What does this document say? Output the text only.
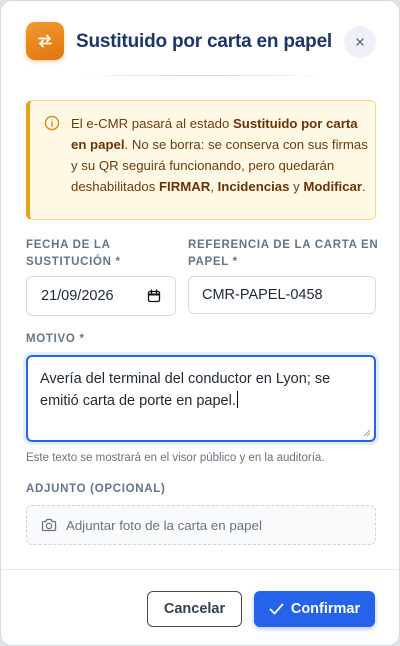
Sustituido por carta en papel
El e-CMR pasará al estado Sustituido por carta en papel. No se borra: se conserva con sus firmas y su QR seguirá funcionando, pero quedarán deshabilitados FIRMAR, Incidencias y Modificar.
FECHA DE LA SUSTITUCIÓN *
REFERENCIA DE LA CARTA EN PAPEL *
21/09/2026	CMR-PAPEL-0458
MOTIVO *
Avería del terminal del conductor en Lyon; se emitió carta de porte en papel.
Este texto se mostrará en el visor público y en la auditoría.
ADJUNTO (OPCIONAL)
Adjuntar foto de la carta en papel
Cancelar	Confirmar
